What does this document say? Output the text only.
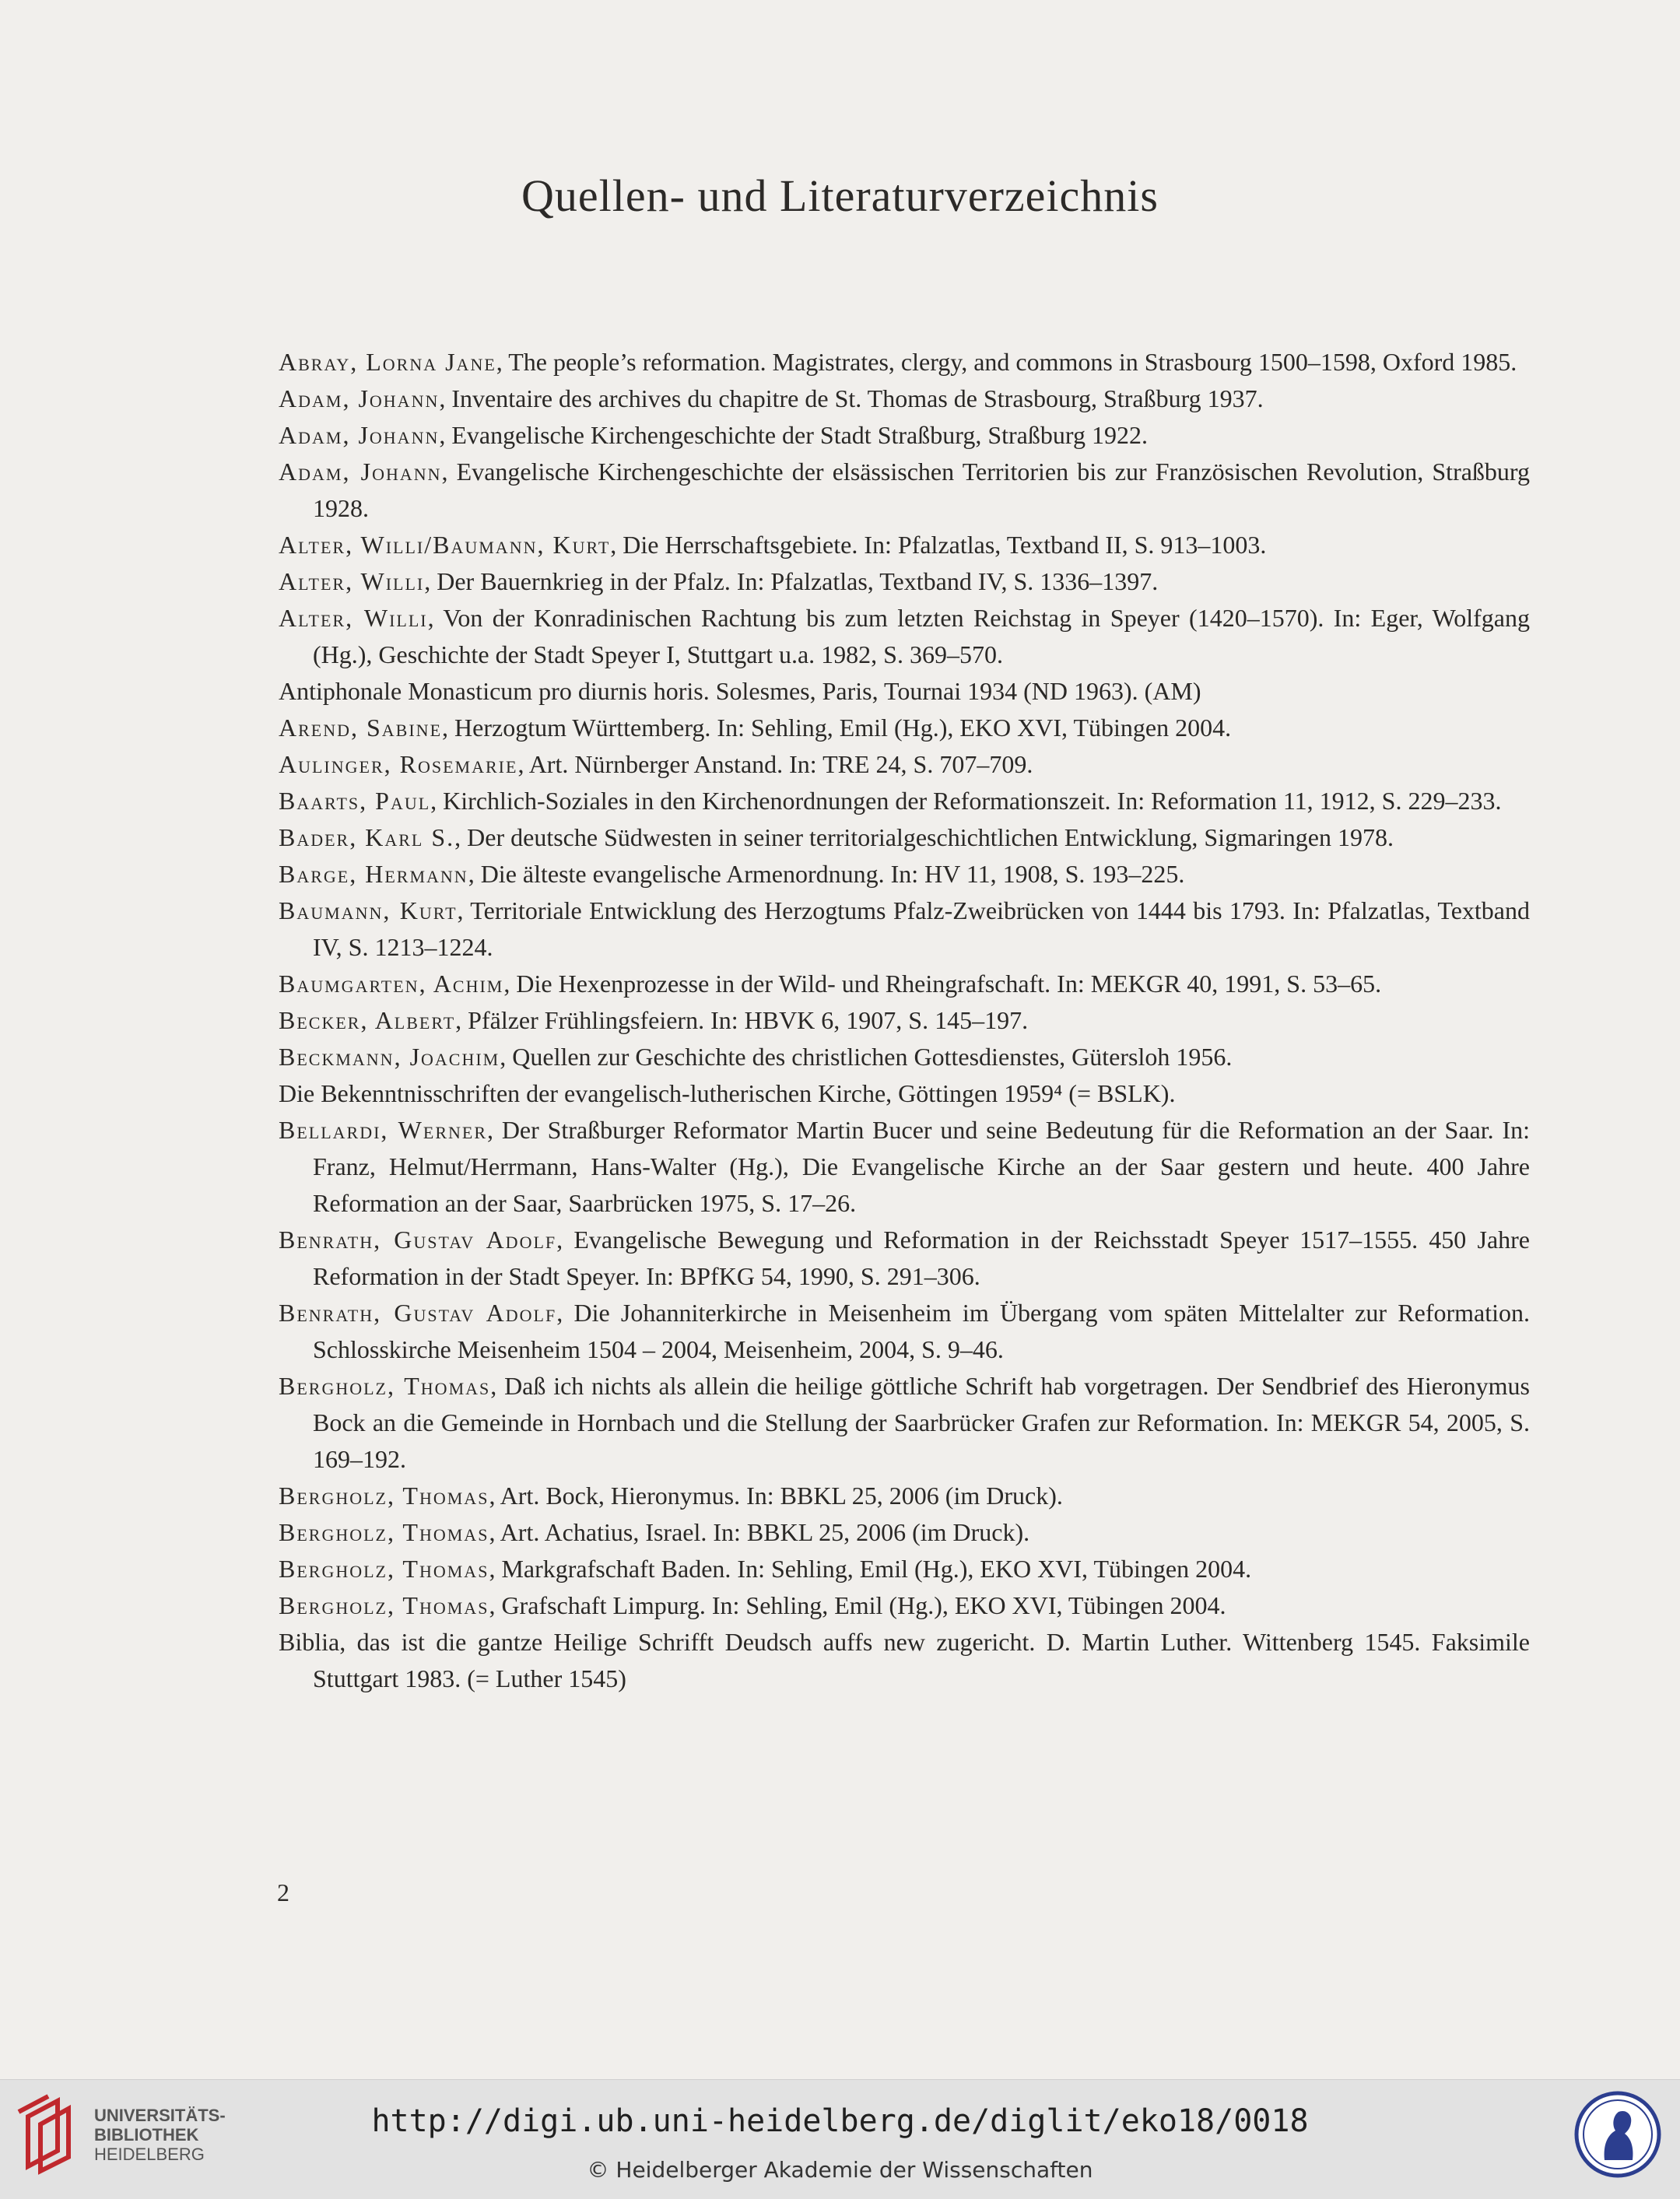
Quellen- und Literaturverzeichnis
Abray, Lorna Jane, The people’s reformation. Magistrates, clergy, and commons in Strasbourg 1500–1598, Oxford 1985.
Adam, Johann, Inventaire des archives du chapitre de St. Thomas de Strasbourg, Straßburg 1937.
Adam, Johann, Evangelische Kirchengeschichte der Stadt Straßburg, Straßburg 1922.
Adam, Johann, Evangelische Kirchengeschichte der elsässischen Territorien bis zur Französischen Revolution, Straßburg 1928.
Alter, Willi/Baumann, Kurt, Die Herrschaftsgebiete. In: Pfalzatlas, Textband II, S. 913–1003.
Alter, Willi, Der Bauernkrieg in der Pfalz. In: Pfalzatlas, Textband IV, S. 1336–1397.
Alter, Willi, Von der Konradinischen Rachtung bis zum letzten Reichstag in Speyer (1420–1570). In: Eger, Wolfgang (Hg.), Geschichte der Stadt Speyer I, Stuttgart u.a. 1982, S. 369–570.
Antiphonale Monasticum pro diurnis horis. Solesmes, Paris, Tournai 1934 (ND 1963). (AM)
Arend, Sabine, Herzogtum Württemberg. In: Sehling, Emil (Hg.), EKO XVI, Tübingen 2004.
Aulinger, Rosemarie, Art. Nürnberger Anstand. In: TRE 24, S. 707–709.
Baarts, Paul, Kirchlich-Soziales in den Kirchenordnungen der Reformationszeit. In: Reformation 11, 1912, S. 229–233.
Bader, Karl S., Der deutsche Südwesten in seiner territorialgeschichtlichen Entwicklung, Sigmaringen 1978.
Barge, Hermann, Die älteste evangelische Armenordnung. In: HV 11, 1908, S. 193–225.
Baumann, Kurt, Territoriale Entwicklung des Herzogtums Pfalz-Zweibrücken von 1444 bis 1793. In: Pfalzatlas, Textband IV, S. 1213–1224.
Baumgarten, Achim, Die Hexenprozesse in der Wild- und Rheingrafschaft. In: MEKGR 40, 1991, S. 53–65.
Becker, Albert, Pfälzer Frühlingsfeiern. In: HBVK 6, 1907, S. 145–197.
Beckmann, Joachim, Quellen zur Geschichte des christlichen Gottesdienstes, Gütersloh 1956.
Die Bekenntnisschriften der evangelisch-lutherischen Kirche, Göttingen 1959⁴ (= BSLK).
Bellardi, Werner, Der Straßburger Reformator Martin Bucer und seine Bedeutung für die Reformation an der Saar. In: Franz, Helmut/Herrmann, Hans-Walter (Hg.), Die Evangelische Kirche an der Saar gestern und heute. 400 Jahre Reformation an der Saar, Saarbrücken 1975, S. 17–26.
Benrath, Gustav Adolf, Evangelische Bewegung und Reformation in der Reichsstadt Speyer 1517–1555. 450 Jahre Reformation in der Stadt Speyer. In: BPfKG 54, 1990, S. 291–306.
Benrath, Gustav Adolf, Die Johanniterkirche in Meisenheim im Übergang vom späten Mittelalter zur Reformation. Schlosskirche Meisenheim 1504 – 2004, Meisenheim, 2004, S. 9–46.
Bergholz, Thomas, Daß ich nichts als allein die heilige göttliche Schrift hab vorgetragen. Der Sendbrief des Hieronymus Bock an die Gemeinde in Hornbach und die Stellung der Saarbrücker Grafen zur Reformation. In: MEKGR 54, 2005, S. 169–192.
Bergholz, Thomas, Art. Bock, Hieronymus. In: BBKL 25, 2006 (im Druck).
Bergholz, Thomas, Art. Achatius, Israel. In: BBKL 25, 2006 (im Druck).
Bergholz, Thomas, Markgrafschaft Baden. In: Sehling, Emil (Hg.), EKO XVI, Tübingen 2004.
Bergholz, Thomas, Grafschaft Limpurg. In: Sehling, Emil (Hg.), EKO XVI, Tübingen 2004.
Biblia, das ist die gantze Heilige Schrifft Deudsch auffs new zugericht. D. Martin Luther. Wittenberg 1545. Faksimile Stuttgart 1983. (= Luther 1545)
2
UNIVERSITÄTS-
BIBLIOTHEK
HEIDELBERG
http://digi.ub.uni-heidelberg.de/diglit/eko18/0018
© Heidelberger Akademie der Wissenschaften
